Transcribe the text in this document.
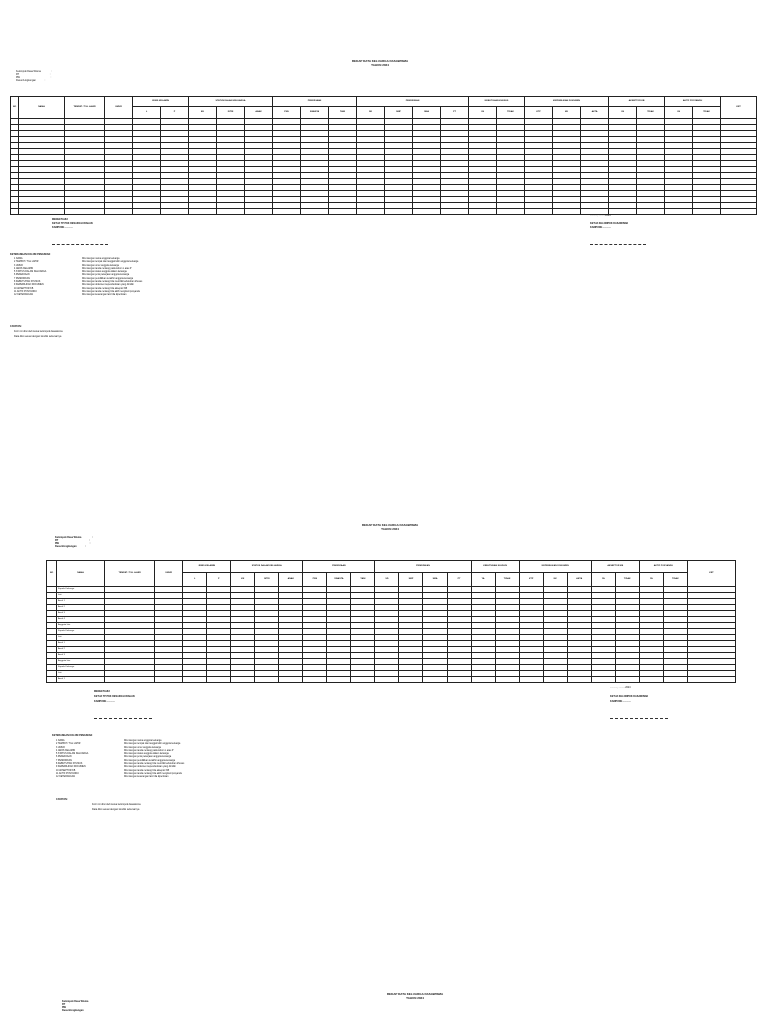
REKAP DATA KELUARGA DASAWISMA
TAHUN 2024
Kelompok Dasa Wisma	:
RT	:
RW	:
Dusun/Lingkungan	:
NO	NAMA	TEMPAT / TGL LAHIR	UMUR	JENIS KELAMIN		STATUS DALAM KELUARGA			PEKERJAAN			PENDIDIKAN				KEBUTUHAN KHUSUS		KEPEMILIKAN DOKUMEN			AKSEPTOR KB		AKTIF POSYANDU		KET
				L	P	KK	ISTRI	ANAK	PNS	SWASTA	TANI	SD	SMP	SMA	PT	YA	TIDAK	KTP	KK	AKTA	YA	TIDAK	YA	TIDAK	

MENGETAHUI
KETUA TP PKK DESA/KELURAHAN
KAMPUNG ............
..........., ..........2024
KETUA KELOMPOK DASAWISMA
KAMPUNG ............
KETERANGAN KOLOM PENGISIAN
1 NAMA	Diisi dengan nama anggota keluarga
2 TEMPAT / TGL LAHIR	Diisi dengan tempat dan tanggal lahir anggota keluarga
3 UMUR	Diisi dengan umur anggota keluarga
4 JENIS KELAMIN	Diisi dengan tanda centang pada kolom L atau P
5 STATUS DALAM KELUARGA	Diisi dengan status anggota dalam keluarga
6 PEKERJAAN	Diisi dengan jenis pekerjaan anggota keluarga
7 PENDIDIKAN	Diisi dengan pendidikan terakhir anggota keluarga
8 KEBUTUHAN KHUSUS	Diisi dengan tanda centang bila memiliki kebutuhan khusus
9 KEPEMILIKAN DOKUMEN	Diisi dengan dokumen kependudukan yang dimiliki
10 AKSEPTOR KB	Diisi dengan tanda centang bila akseptor KB
11 AKTIF POSYANDU	Diisi dengan tanda centang bila aktif mengikuti posyandu
12 KETERANGAN	Diisi dengan keterangan lain bila diperlukan
CATATAN:
Form ini diisi oleh ketua kelompok dasawisma
Data diisi sesuai dengan kondisi sebenarnya
REKAP DATA KELUARGA DASAWISMA
TAHUN 2024
Kelompok Dasa Wisma	:
RT	:
RW	:
Dusun/Lingkungan	:
NO	NAMA	TEMPAT / TGL LAHIR	UMUR	JENIS KELAMIN		STATUS DALAM KELUARGA			PEKERJAAN			PENDIDIKAN				KEBUTUHAN KHUSUS		KEPEMILIKAN DOKUMEN			AKSEPTOR KB		AKTIF POSYANDU		KET
				L	P	KK	ISTRI	ANAK	PNS	SWASTA	TANI	SD	SMP	SMA	PT	YA	TIDAK	KTP	KK	AKTA	YA	TIDAK	YA	TIDAK	
	Kepala Keluarga																								
	Istri																								
	Anak 1																								
	Anak 2																								
	Anak 3																								
	Anak 4																								
	Anggota lain																								
	Kepala Keluarga																								
	Istri																								
	Anak 1																								
	Anak 2																								
	Anak 3																								
	Anggota lain																								
	Kepala Keluarga																								
	Istri																								
	Anak 1																								
MENGETAHUI
KETUA TP PKK DESA/KELURAHAN
KAMPUNG ............
..........., ..........2024
KETUA KELOMPOK DASAWISMA
KAMPUNG ............
KETERANGAN KOLOM PENGISIAN
1 NAMA	Diisi dengan nama anggota keluarga
2 TEMPAT / TGL LAHIR	Diisi dengan tempat dan tanggal lahir anggota keluarga
3 UMUR	Diisi dengan umur anggota keluarga
4 JENIS KELAMIN	Diisi dengan tanda centang pada kolom L atau P
5 STATUS DALAM KELUARGA	Diisi dengan status anggota dalam keluarga
6 PEKERJAAN	Diisi dengan jenis pekerjaan anggota keluarga
7 PENDIDIKAN	Diisi dengan pendidikan terakhir anggota keluarga
8 KEBUTUHAN KHUSUS	Diisi dengan tanda centang bila memiliki kebutuhan khusus
9 KEPEMILIKAN DOKUMEN	Diisi dengan dokumen kependudukan yang dimiliki
10 AKSEPTOR KB	Diisi dengan tanda centang bila akseptor KB
11 AKTIF POSYANDU	Diisi dengan tanda centang bila aktif mengikuti posyandu
12 KETERANGAN	Diisi dengan keterangan lain bila diperlukan
CATATAN:
Form ini diisi oleh ketua kelompok dasawisma
Data diisi sesuai dengan kondisi sebenarnya
REKAP DATA KELUARGA DASAWISMA
TAHUN 2024
Kelompok Dasa Wisma
RT
RW
Dusun/Lingkungan
